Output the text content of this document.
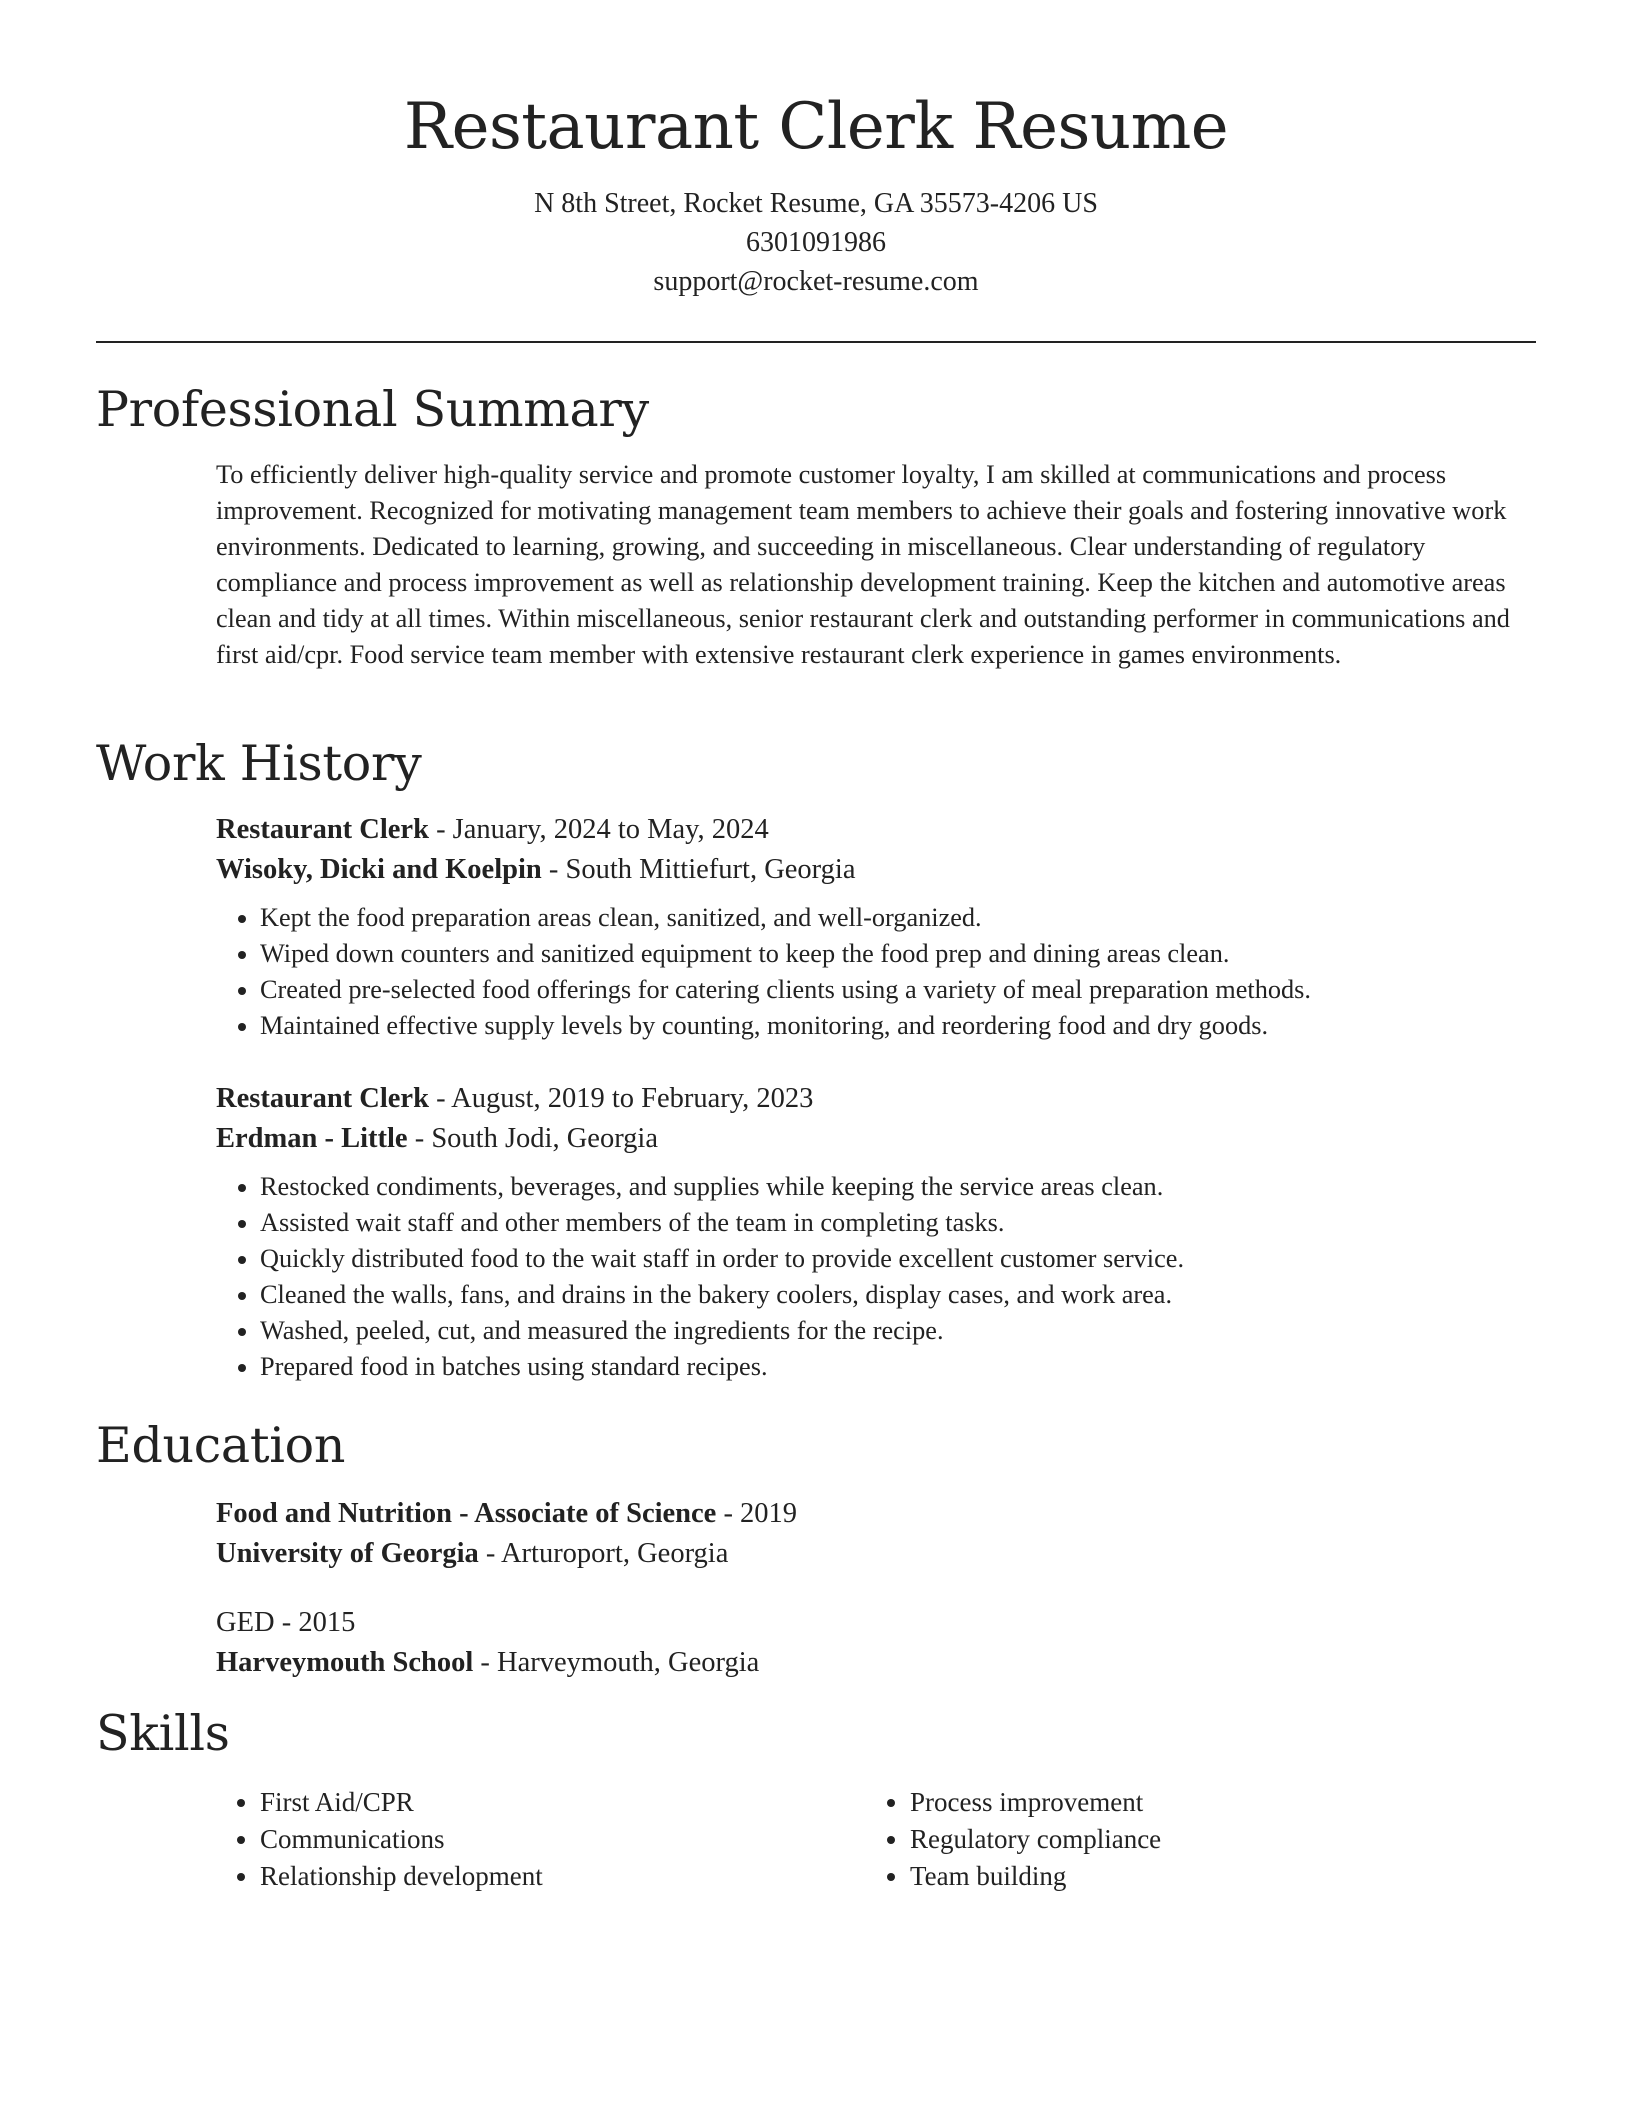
Restaurant Clerk Resume
N 8th Street, Rocket Resume, GA 35573-4206 US
6301091986
support@rocket-resume.com
Professional Summary

To efficiently deliver high-quality service and promote customer loyalty, I am skilled at communications and process improvement. Recognized for motivating management team members to achieve their goals and fostering innovative work environments. Dedicated to learning, growing, and succeeding in miscellaneous. Clear understanding of regulatory compliance and process improvement as well as relationship development training. Keep the kitchen and automotive areas clean and tidy at all times. Within miscellaneous, senior restaurant clerk and outstanding performer in communications and first aid/cpr. Food service team member with extensive restaurant clerk experience in games environments.

Work History
Restaurant Clerk - January, 2024 to May, 2024
Wisoky, Dicki and Koelpin - South Mittiefurt, Georgia
• Kept the food preparation areas clean, sanitized, and well-organized.
• Wiped down counters and sanitized equipment to keep the food prep and dining areas clean.
• Created pre-selected food offerings for catering clients using a variety of meal preparation methods.
• Maintained effective supply levels by counting, monitoring, and reordering food and dry goods.
Restaurant Clerk - August, 2019 to February, 2023
Erdman - Little - South Jodi, Georgia
• Restocked condiments, beverages, and supplies while keeping the service areas clean.
• Assisted wait staff and other members of the team in completing tasks.
• Quickly distributed food to the wait staff in order to provide excellent customer service.
• Cleaned the walls, fans, and drains in the bakery coolers, display cases, and work area.
• Washed, peeled, cut, and measured the ingredients for the recipe.
• Prepared food in batches using standard recipes.
Education
Food and Nutrition - Associate of Science - 2019
University of Georgia - Arturoport, Georgia
GED - 2015
Harveymouth School - Harveymouth, Georgia
Skills
• First Aid/CPR
• Communications
• Relationship development
• Process improvement
• Regulatory compliance
• Team building
